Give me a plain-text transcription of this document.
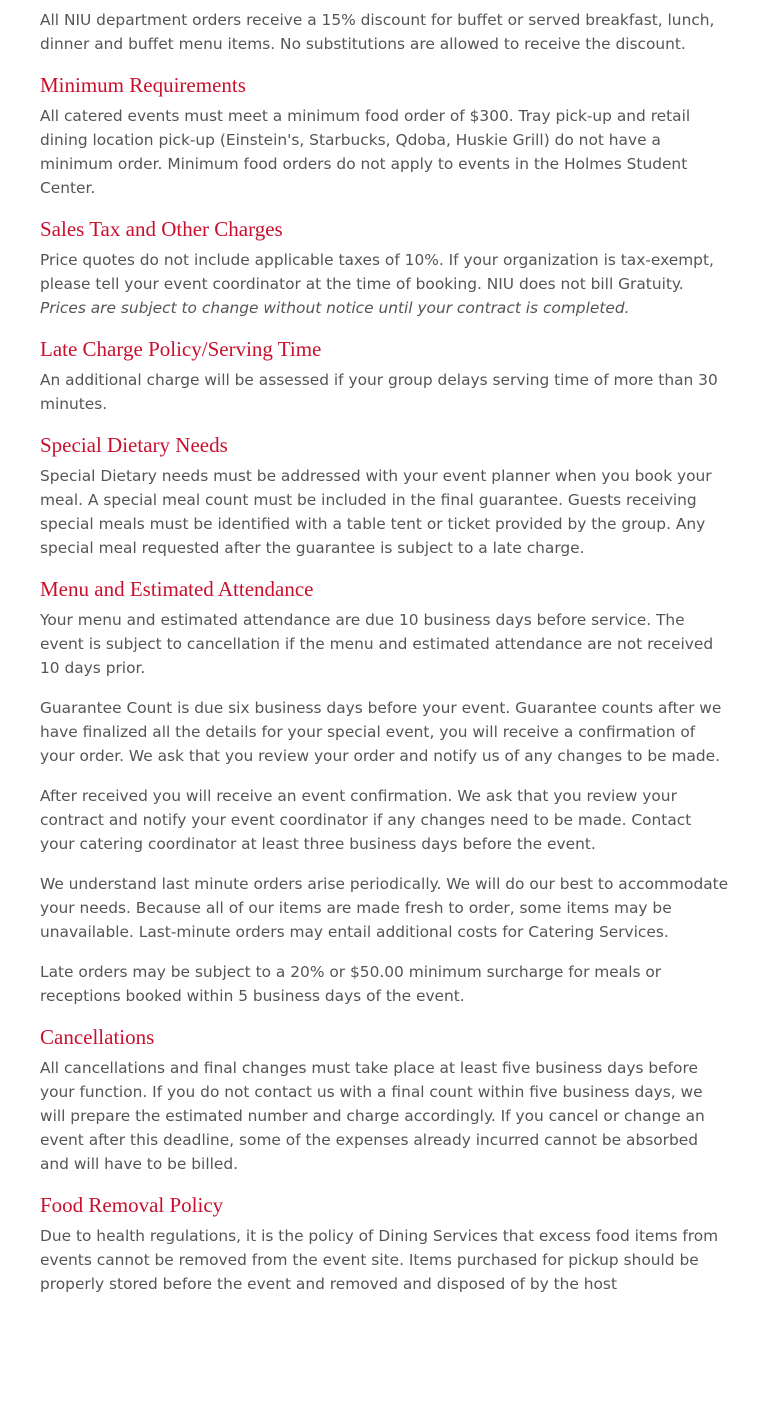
All NIU department orders receive a 15% discount for buffet or served breakfast, lunch, dinner and buffet menu items. No substitutions are allowed to receive the discount.

Minimum Requirements

All catered events must meet a minimum food order of $300. Tray pick-up and retail dining location pick-up (Einstein's, Starbucks, Qdoba, Huskie Grill) do not have a minimum order. Minimum food orders do not apply to events in the Holmes Student Center.

Sales Tax and Other Charges

Price quotes do not include applicable taxes of 10%. If your organization is tax-exempt, please tell your event coordinator at the time of booking. NIU does not bill Gratuity. Prices are subject to change without notice until your contract is completed.

Late Charge Policy/Serving Time

An additional charge will be assessed if your group delays serving time of more than 30 minutes.

Special Dietary Needs

Special Dietary needs must be addressed with your event planner when you book your meal. A special meal count must be included in the final guarantee. Guests receiving special meals must be identified with a table tent or ticket provided by the group. Any special meal requested after the guarantee is subject to a late charge.

Menu and Estimated Attendance

Your menu and estimated attendance are due 10 business days before service. The event is subject to cancellation if the menu and estimated attendance are not received 10 days prior.

Guarantee Count is due six business days before your event. Guarantee counts after we have finalized all the details for your special event, you will receive a confirmation of your order. We ask that you review your order and notify us of any changes to be made.

After received you will receive an event confirmation. We ask that you review your contract and notify your event coordinator if any changes need to be made. Contact your catering coordinator at least three business days before the event.

We understand last minute orders arise periodically. We will do our best to accommodate your needs. Because all of our items are made fresh to order, some items may be unavailable. Last-minute orders may entail additional costs for Catering Services.

Late orders may be subject to a 20% or $50.00 minimum surcharge for meals or receptions booked within 5 business days of the event.

Cancellations

All cancellations and final changes must take place at least five business days before your function. If you do not contact us with a final count within five business days, we will prepare the estimated number and charge accordingly. If you cancel or change an event after this deadline, some of the expenses already incurred cannot be absorbed and will have to be billed.

Food Removal Policy

Due to health regulations, it is the policy of Dining Services that excess food items from events cannot be removed from the event site. Items purchased for pickup should be properly stored before the event and removed and disposed of by the host
